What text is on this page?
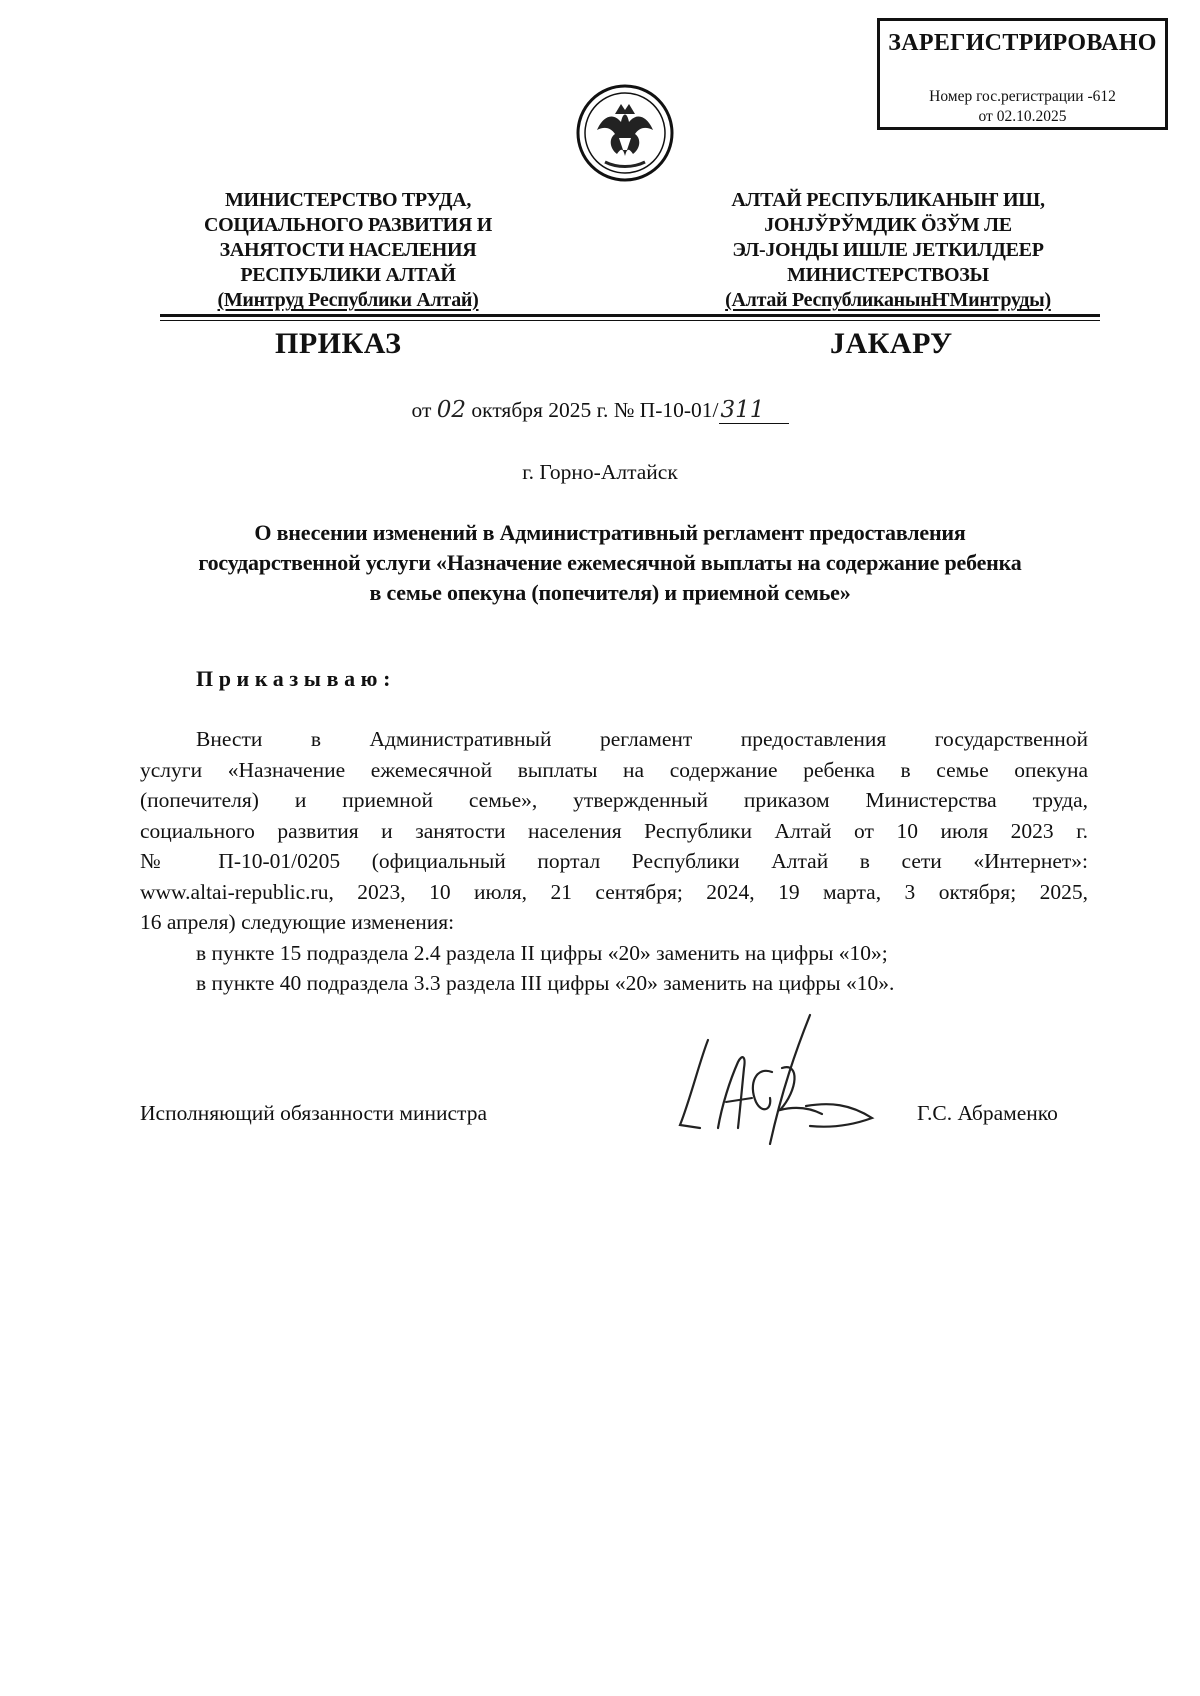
ЗАРЕГИСТРИРОВАНО
Номер гос.регистрации -612
от 02.10.2025
МИНИСТЕРСТВО ТРУДА,
СОЦИАЛЬНОГО РАЗВИТИЯ И
ЗАНЯТОСТИ НАСЕЛЕНИЯ
РЕСПУБЛИКИ АЛТАЙ
(Минтруд Республики Алтай)
АЛТАЙ РЕСПУБЛИКАНЫҤ ИШ,
ЈОНЈЎРЎМДИК ӦЗЎМ ЛЕ
ЭЛ-ЈОНДЫ ИШЛЕ ЈЕТКИЛДЕЕР
МИНИСТЕРСТВОЗЫ
(Алтай РеспубликанынҤМинтруды)
ПРИКАЗ	ЈАКАРУ
от 02 октября 2025 г. № П-10-01/311
г. Горно-Алтайск
О внесении изменений в Административный регламент предоставления
государственной услуги «Назначение ежемесячной выплаты на содержание ребенка
в семье опекуна (попечителя) и приемной семье»
Приказываю:
Внести в Административный регламент предоставления государственной
услуги «Назначение ежемесячной выплаты на содержание ребенка в семье опекуна
(попечителя) и приемной семье», утвержденный приказом Министерства труда,
социального развития и занятости населения Республики Алтай от 10 июля 2023 г.
№ П-10-01/0205 (официальный портал Республики Алтай в сети «Интернет»:
www.altai-republic.ru, 2023, 10 июля, 21 сентября; 2024, 19 марта, 3 октября; 2025,
16 апреля) следующие изменения:
в пункте 15 подраздела 2.4 раздела II цифры «20» заменить на цифры «10»;
в пункте 40 подраздела 3.3 раздела III цифры «20» заменить на цифры «10».
Исполняющий обязанности министра	Г.С. Абраменко
